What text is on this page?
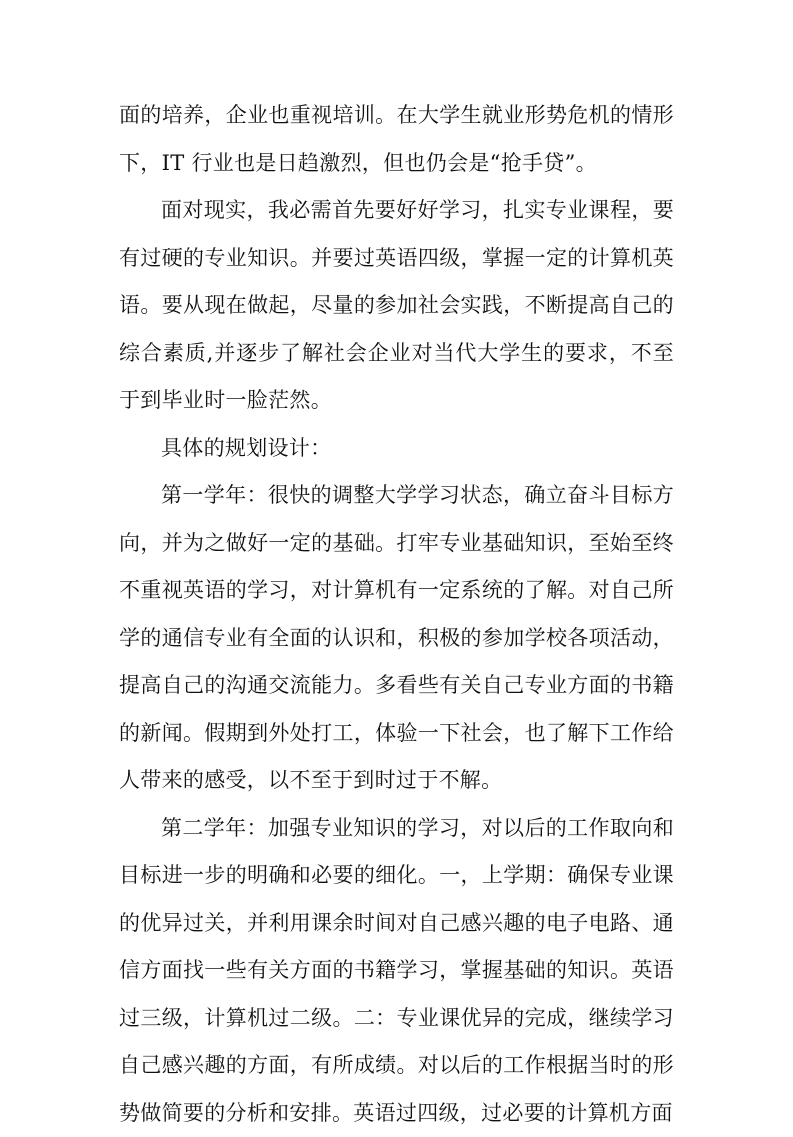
面的培养，企业也重视培训。在大学生就业形势危机的情形下，IT 行业也是日趋激烈，但也仍会是“抢手贷”。

面对现实，我必需首先要好好学习，扎实专业课程，要有过硬的专业知识。并要过英语四级，掌握一定的计算机英语。要从现在做起，尽量的参加社会实践，不断提高自己的综合素质,并逐步了解社会企业对当代大学生的要求，不至于到毕业时一脸茫然。

具体的规划设计：

第一学年：很快的调整大学学习状态，确立奋斗目标方向，并为之做好一定的基础。打牢专业基础知识，至始至终不重视英语的学习，对计算机有一定系统的了解。对自己所学的通信专业有全面的认识和，积极的参加学校各项活动，提高自己的沟通交流能力。多看些有关自己专业方面的书籍的新闻。假期到外处打工，体验一下社会，也了解下工作给人带来的感受，以不至于到时过于不解。

第二学年：加强专业知识的学习，对以后的工作取向和目标进一步的明确和必要的细化。一，上学期：确保专业课的优异过关，并利用课余时间对自己感兴趣的电子电路、通信方面找一些有关方面的书籍学习，掌握基础的知识。英语过三级，计算机过二级。二：专业课优异的完成，继续学习自己感兴趣的方面，有所成绩。对以后的工作根据当时的形势做简要的分析和安排。英语过四级，过必要的计算机方面
